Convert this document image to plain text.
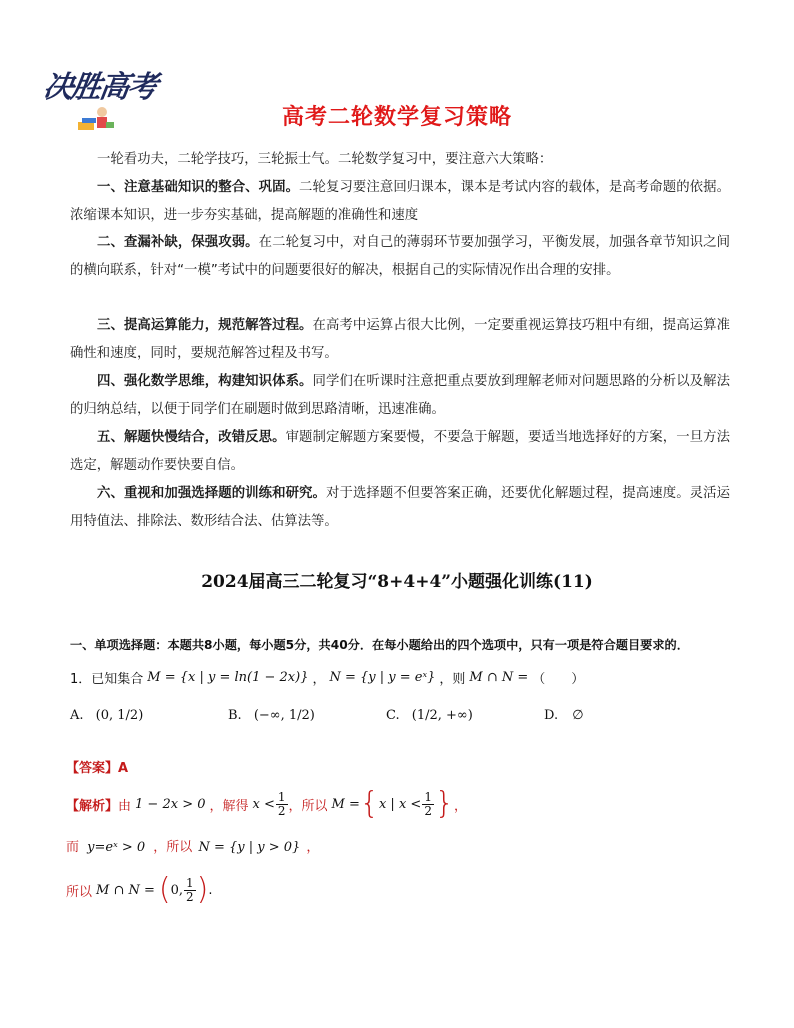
决胜高考
高考二轮数学复习策略
一轮看功夫，二轮学技巧，三轮振士气。二轮数学复习中，要注意六大策略：
一、注意基础知识的整合、巩固。二轮复习要注意回归课本，课本是考试内容的载体，是高考命题的依据。浓缩课本知识，进一步夯实基础，提高解题的准确性和速度
二、查漏补缺，保强攻弱。在二轮复习中，对自己的薄弱环节要加强学习，平衡发展，加强各章节知识之间的横向联系，针对“一模”考试中的问题要很好的解决，根据自己的实际情况作出合理的安排。
三、提高运算能力，规范解答过程。在高考中运算占很大比例，一定要重视运算技巧粗中有细，提高运算准确性和速度，同时，要规范解答过程及书写。
四、强化数学思维，构建知识体系。同学们在听课时注意把重点要放到理解老师对问题思路的分析以及解法的归纳总结，以便于同学们在刷题时做到思路清晰，迅速准确。
五、解题快慢结合，改错反思。审题制定解题方案要慢，不要急于解题，要适当地选择好的方案，一旦方法选定，解题动作要快要自信。
六、重视和加强选择题的训练和研究。对于选择题不但要答案正确，还要优化解题过程，提高速度。灵活运用特值法、排除法、数形结合法、估算法等。
2024届高三二轮复习“8+4+4”小题强化训练(11)
一、单项选择题：本题共8小题，每小题5分，共40分．在每小题给出的四个选项中，只有一项是符合题目要求的．
1．已知集合 M = {x | y = ln(1 − 2x)} ， N = {y | y = eˣ} ，则 M ∩ N = （　　）
A. (0, 1/2)	B. (−∞, 1/2)	C. (1/2, +∞)	D. ∅
【答案】A
【解析】 由 1 − 2x > 0 ，解得 $x < \frac{1}{2}$ ，所以 M = { x | $x < \frac{1}{2}$ } ，
而 y=eˣ > 0 ，所以 N = {y | y > 0} ，
所以 M ∩ N = ( 0, $\frac{1}{2}$ ) .
